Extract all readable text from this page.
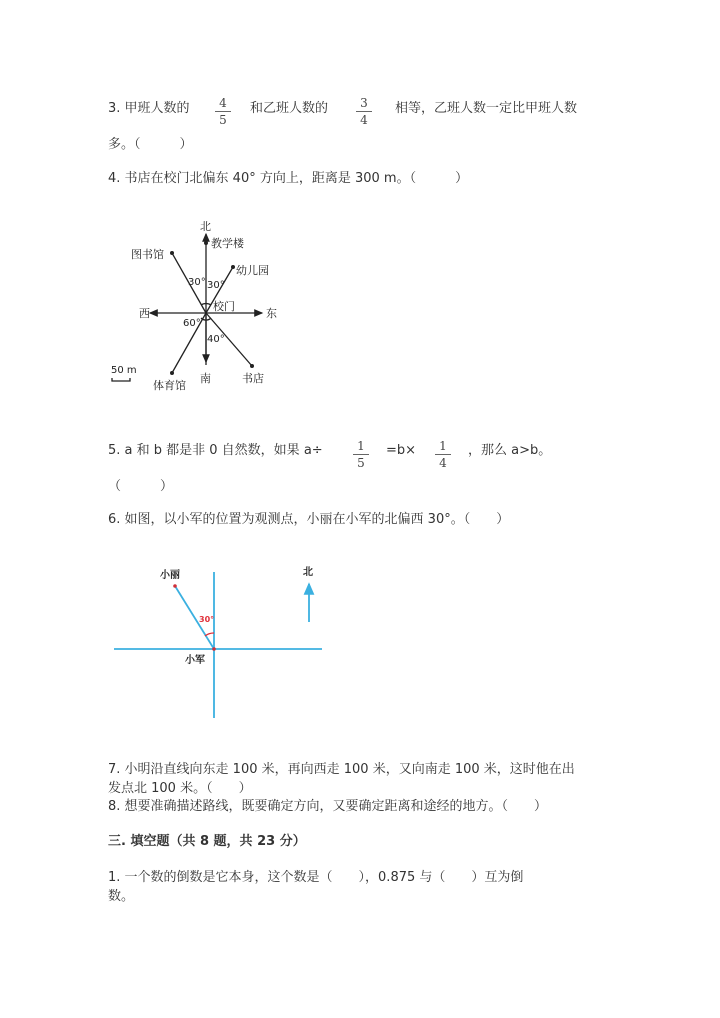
3. 甲班人数的	4
5
和乙班人数的	3
4
相等，乙班人数一定比甲班人数
多。（　　　）
4. 书店在校门北偏东 40° 方向上，距离是 300 m。（　　　）
北
教学楼
图书馆
幼儿园
30° 30°
校门
西	东
60°
40°
50 m
南
体育馆
书店
小丽
小军
北
30°
5. a 和 b 都是非 0 自然数，如果 a÷	1
5
=b×	1
4
，那么 a>b。
（　　　）
6. 如图，以小军的位置为观测点，小丽在小军的北偏西 30°。（　　）
7. 小明沿直线向东走 100 米，再向西走 100 米，又向南走 100 米，这时他在出
发点北 100 米。（　　）
8. 想要准确描述路线，既要确定方向，又要确定距离和途经的地方。（　　）
三. 填空题（共 8 题，共 23 分）
1. 一个数的倒数是它本身，这个数是（　　），0.875 与（　　）互为倒
数。
